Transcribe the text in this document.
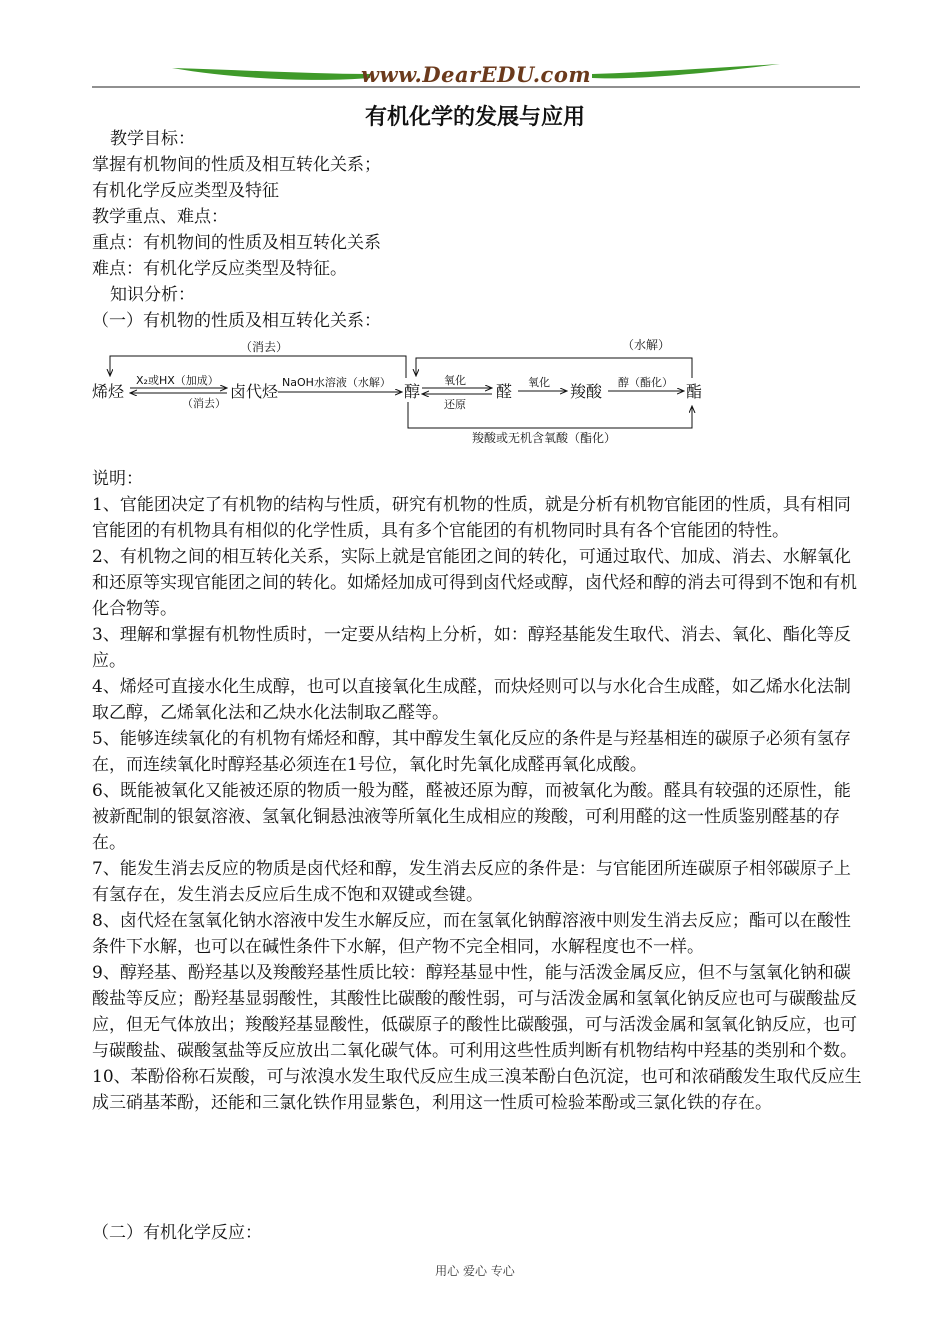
www.DearEDU.com
有机化学的发展与应用
教学目标：
掌握有机物间的性质及相互转化关系；
有机化学反应类型及特征
教学重点、难点：
重点：有机物间的性质及相互转化关系
难点：有机化学反应类型及特征。
知识分析：
（一）有机物的性质及相互转化关系：
（消去）	（水解）
X₂或HX（加成）
（消去）
NaOH水溶液（水解）	氧化
还原
氧化	醇（酯化）
羧酸或无机含氧酸（酯化）
烯烃	卤代烃	醇	醛	羧酸	酯
说明：

1、官能团决定了有机物的结构与性质，研究有机物的性质，就是分析有机物官能团的性质，具有相同官能团的有机物具有相似的化学性质，具有多个官能团的有机物同时具有各个官能团的特性。

2、有机物之间的相互转化关系，实际上就是官能团之间的转化，可通过取代、加成、消去、水解氧化和还原等实现官能团之间的转化。如烯烃加成可得到卤代烃或醇，卤代烃和醇的消去可得到不饱和有机化合物等。

3、理解和掌握有机物性质时，一定要从结构上分析，如：醇羟基能发生取代、消去、氧化、酯化等反应。

4、烯烃可直接水化生成醇，也可以直接氧化生成醛，而炔烃则可以与水化合生成醛，如乙烯水化法制取乙醇，乙烯氧化法和乙炔水化法制取乙醛等。

5、能够连续氧化的有机物有烯烃和醇，其中醇发生氧化反应的条件是与羟基相连的碳原子必须有氢存在，而连续氧化时醇羟基必须连在1号位，氧化时先氧化成醛再氧化成酸。

6、既能被氧化又能被还原的物质一般为醛，醛被还原为醇，而被氧化为酸。醛具有较强的还原性，能被新配制的银氨溶液、氢氧化铜悬浊液等所氧化生成相应的羧酸，可利用醛的这一性质鉴别醛基的存在。

7、能发生消去反应的物质是卤代烃和醇，发生消去反应的条件是：与官能团所连碳原子相邻碳原子上有氢存在，发生消去反应后生成不饱和双键或叁键。

8、卤代烃在氢氧化钠水溶液中发生水解反应，而在氢氧化钠醇溶液中则发生消去反应；酯可以在酸性条件下水解，也可以在碱性条件下水解，但产物不完全相同，水解程度也不一样。

9、醇羟基、酚羟基以及羧酸羟基性质比较：醇羟基显中性，能与活泼金属反应，但不与氢氧化钠和碳酸盐等反应；酚羟基显弱酸性，其酸性比碳酸的酸性弱，可与活泼金属和氢氧化钠反应也可与碳酸盐反应，但无气体放出；羧酸羟基显酸性，低碳原子的酸性比碳酸强，可与活泼金属和氢氧化钠反应，也可与碳酸盐、碳酸氢盐等反应放出二氧化碳气体。可利用这些性质判断有机物结构中羟基的类别和个数。

10、苯酚俗称石炭酸，可与浓溴水发生取代反应生成三溴苯酚白色沉淀，也可和浓硝酸发生取代反应生成三硝基苯酚，还能和三氯化铁作用显紫色，利用这一性质可检验苯酚或三氯化铁的存在。

（二）有机化学反应：
用心 爱心 专心
